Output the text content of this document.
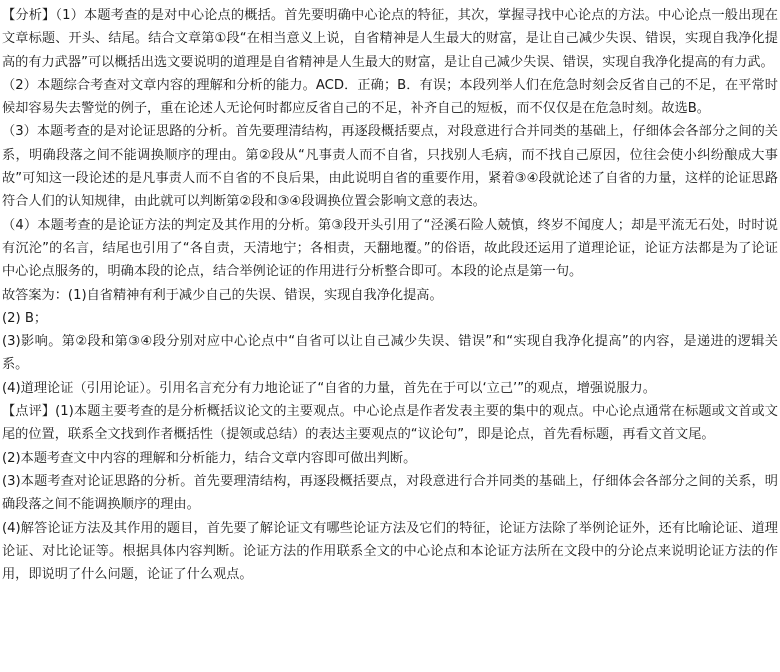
【分析】（1）本题考查的是对中心论点的概括。首先要明确中心论点的特征，其次，掌握寻找中心论点的方法。中心论点一般出现在文章标题、开头、结尾。结合文章第①段“在相当意义上说，自省精神是人生最大的财富，是让自己减少失误、错误，实现自我净化提高的有力武器”可以概括出选文要说明的道理是自省精神是人生最大的财富，是让自己减少失误、错误，实现自我净化提高的有力武。

（2）本题综合考查对文章内容的理解和分析的能力。ACD．正确；B．有误；本段列举人们在危急时刻会反省自己的不足，在平常时候却容易失去警觉的例子，重在论述人无论何时都应反省自己的不足，补齐自己的短板，而不仅仅是在危急时刻。故选B。

（3）本题考查的是对论证思路的分析。首先要理清结构，再逐段概括要点，对段意进行合并同类的基础上，仔细体会各部分之间的关系，明确段落之间不能调换顺序的理由。第②段从“凡事责人而不自省，只找别人毛病，而不找自己原因，位往会使小纠纷酿成大事故”可知这一段论述的是凡事责人而不自省的不良后果，由此说明自省的重要作用，紧着③④段就论述了自省的力量，这样的论证思路符合人们的认知规律，由此就可以判断第②段和③④段调换位置会影响文意的表达。

（4）本题考查的是论证方法的判定及其作用的分析。第③段开头引用了“泾溪石险人兢慎，终岁不闻度人；却是平流无石处，时时说有沉沦”的名言，结尾也引用了“各自责，天清地宁；各相责，天翻地覆。”的俗语，故此段还运用了道理论证，论证方法都是为了论证中心论点服务的，明确本段的论点，结合举例论证的作用进行分析整合即可。本段的论点是第一句。

故答案为：(1)自省精神有利于减少自己的失误、错误，实现自我净化提高。

(2) B；

(3)影响。第②段和第③④段分别对应中心论点中“自省可以让自己减少失误、错误”和“实现自我净化提高”的内容，是递进的逻辑关系。

(4)道理论证（引用论证）。引用名言充分有力地论证了“自省的力量，首先在于可以‘立己’”的观点，增强说服力。

【点评】(1)本题主要考查的是分析概括议论文的主要观点。中心论点是作者发表主要的集中的观点。中心论点通常在标题或文首或文尾的位置，联系全文找到作者概括性（提领或总结）的表达主要观点的“议论句”，即是论点，首先看标题，再看文首文尾。

(2)本题考查文中内容的理解和分析能力，结合文章内容即可做出判断。

(3)本题考查对论证思路的分析。首先要理清结构，再逐段概括要点，对段意进行合并同类的基础上，仔细体会各部分之间的关系，明确段落之间不能调换顺序的理由。

(4)解答论证方法及其作用的题目，首先要了解论证文有哪些论证方法及它们的特征，论证方法除了举例论证外，还有比喻论证、道理论证、对比论证等。根据具体内容判断。论证方法的作用联系全文的中心论点和本论证方法所在文段中的分论点来说明论证方法的作用，即说明了什么问题，论证了什么观点。
